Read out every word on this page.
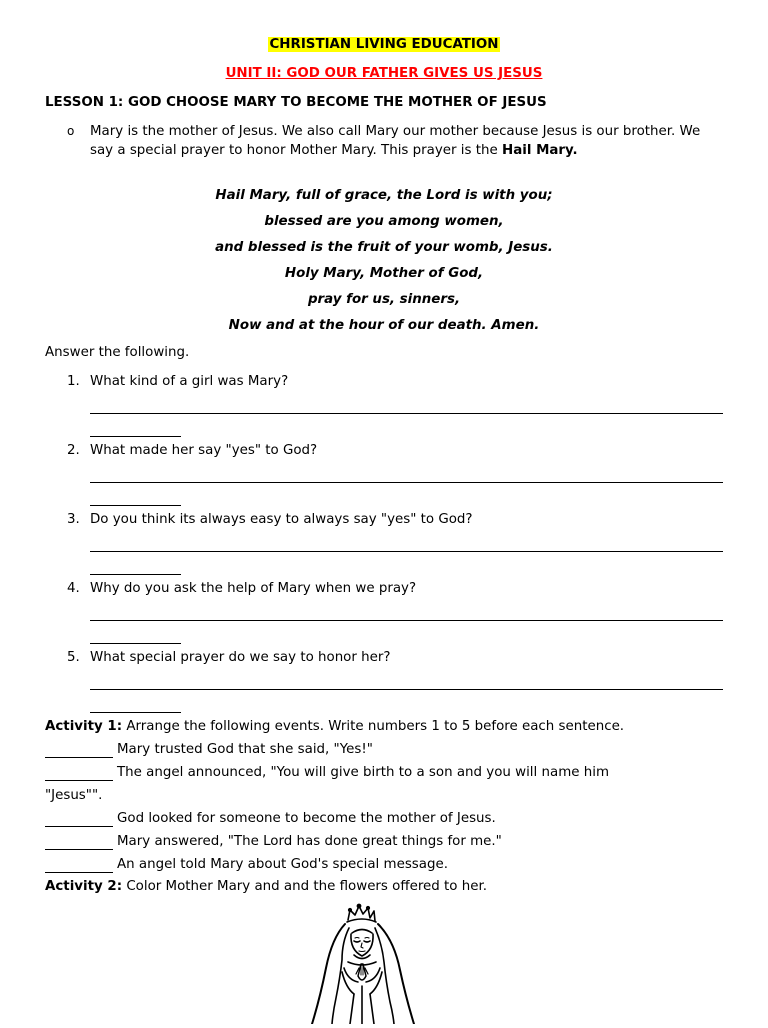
CHRISTIAN LIVING EDUCATION
UNIT II: GOD OUR FATHER GIVES US JESUS
LESSON 1: GOD CHOOSE MARY TO BECOME THE MOTHER OF JESUS
o Mary is the mother of Jesus. We also call Mary our mother because Jesus is our brother. We say a special prayer to honor Mother Mary. This prayer is the Hail Mary.
Hail Mary, full of grace, the Lord is with you;
blessed are you among women,
and blessed is the fruit of your womb, Jesus.
Holy Mary, Mother of God,
pray for us, sinners,
Now and at the hour of our death. Amen.
Answer the following.
1. What kind of a girl was Mary?
2. What made her say "yes" to God?
3. Do you think its always easy to always say "yes" to God?
4. Why do you ask the help of Mary when we pray?
5. What special prayer do we say to honor her?
Activity 1: Arrange the following events. Write numbers 1 to 5 before each sentence.
Mary trusted God that she said, "Yes!"
The angel announced, "You will give birth to a son and you will name him
"Jesus"".
God looked for someone to become the mother of Jesus.
Mary answered, "The Lord has done great things for me."
An angel told Mary about God's special message.
Activity 2: Color Mother Mary and and the flowers offered to her.
